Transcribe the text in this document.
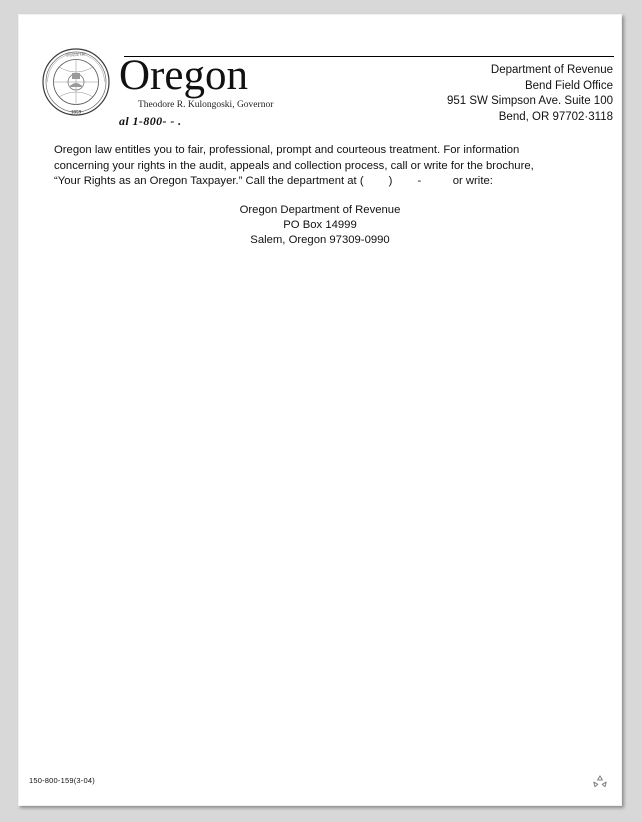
STATE OF
1859
Oregon
Theodore R. Kulongoski, Governor
al 1-800- - .
Department of Revenue
Bend Field Office
951 SW Simpson Ave. Suite 100
Bend, OR 97702·3118
Oregon law entitles you to fair, professional, prompt and courteous treatment. For information
concerning your rights in the audit, appeals and collection process, call or write for the brochure,
“Your Rights as an Oregon Taxpayer.” Call the department at (        )        -          or write:
Oregon Department of Revenue
PO Box 14999
Salem, Oregon 97309-0990
150-800-159(3-04)
